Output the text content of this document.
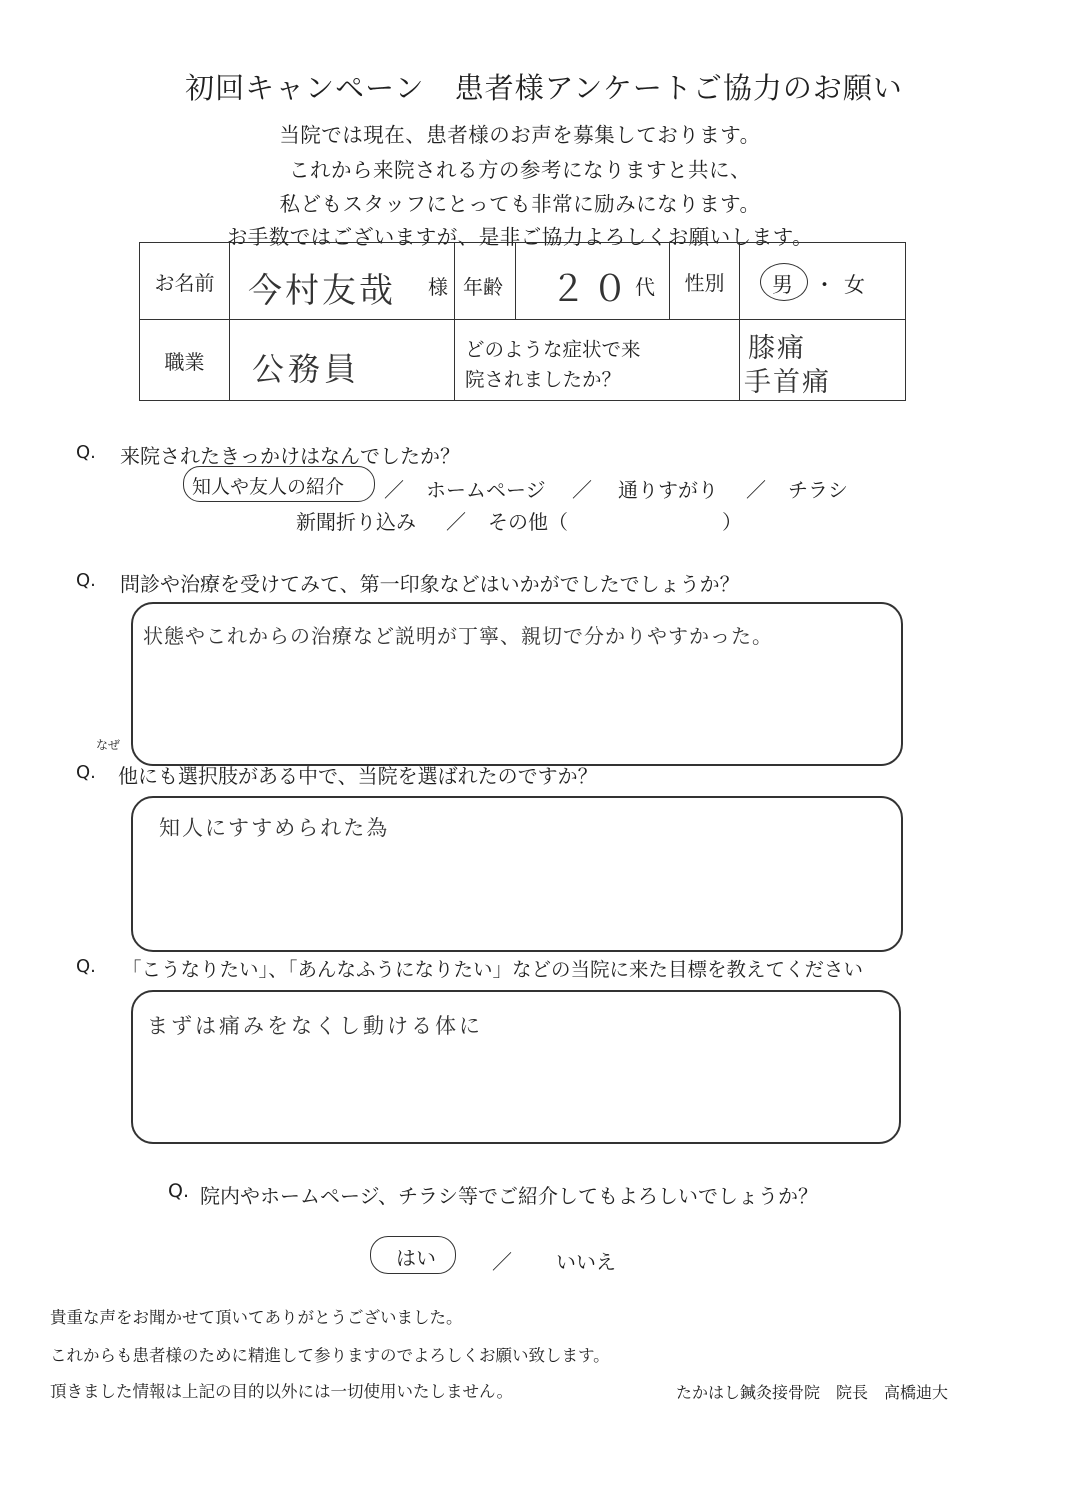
初回キャンペーン　患者様アンケートご協力のお願い
当院では現在、患者様のお声を募集しております。
これから来院される方の参考になりますと共に、
私どもスタッフにとっても非常に励みになります。
お手数ではございますが、是非ご協力よろしくお願いします。
お名前	今村友哉 様	年齢 ２０ 代	性別	男 ・ 女

職業	公務員	どのような症状で来
院されましたか？		膝痛
手首痛
Q. 来院されたきっかけはなんでしたか？
知人や友人の紹介 ／ ホームページ ／ 通りすがり ／ チラシ
新聞折り込み ／ その他（	）
Q. 問診や治療を受けてみて、第一印象などはいかがでしたでしょうか？
状態やこれからの治療など説明が丁寧、親切で分かりやすかった。
なぜ
Q. 他にも選択肢がある中で、当院を選ばれたのですか？
知人にすすめられた為
Q. 「こうなりたい」、「あんなふうになりたい」などの当院に来た目標を教えてください
まずは痛みをなくし動ける体に
Q. 院内やホームページ、チラシ等でご紹介してもよろしいでしょうか？
はい	／ いいえ
貴重な声をお聞かせて頂いてありがとうございました。
これからも患者様のために精進して参りますのでよろしくお願い致します。
頂きました情報は上記の目的以外には一切使用いたしません。	たかはし鍼灸接骨院　院長　高橋迪大
